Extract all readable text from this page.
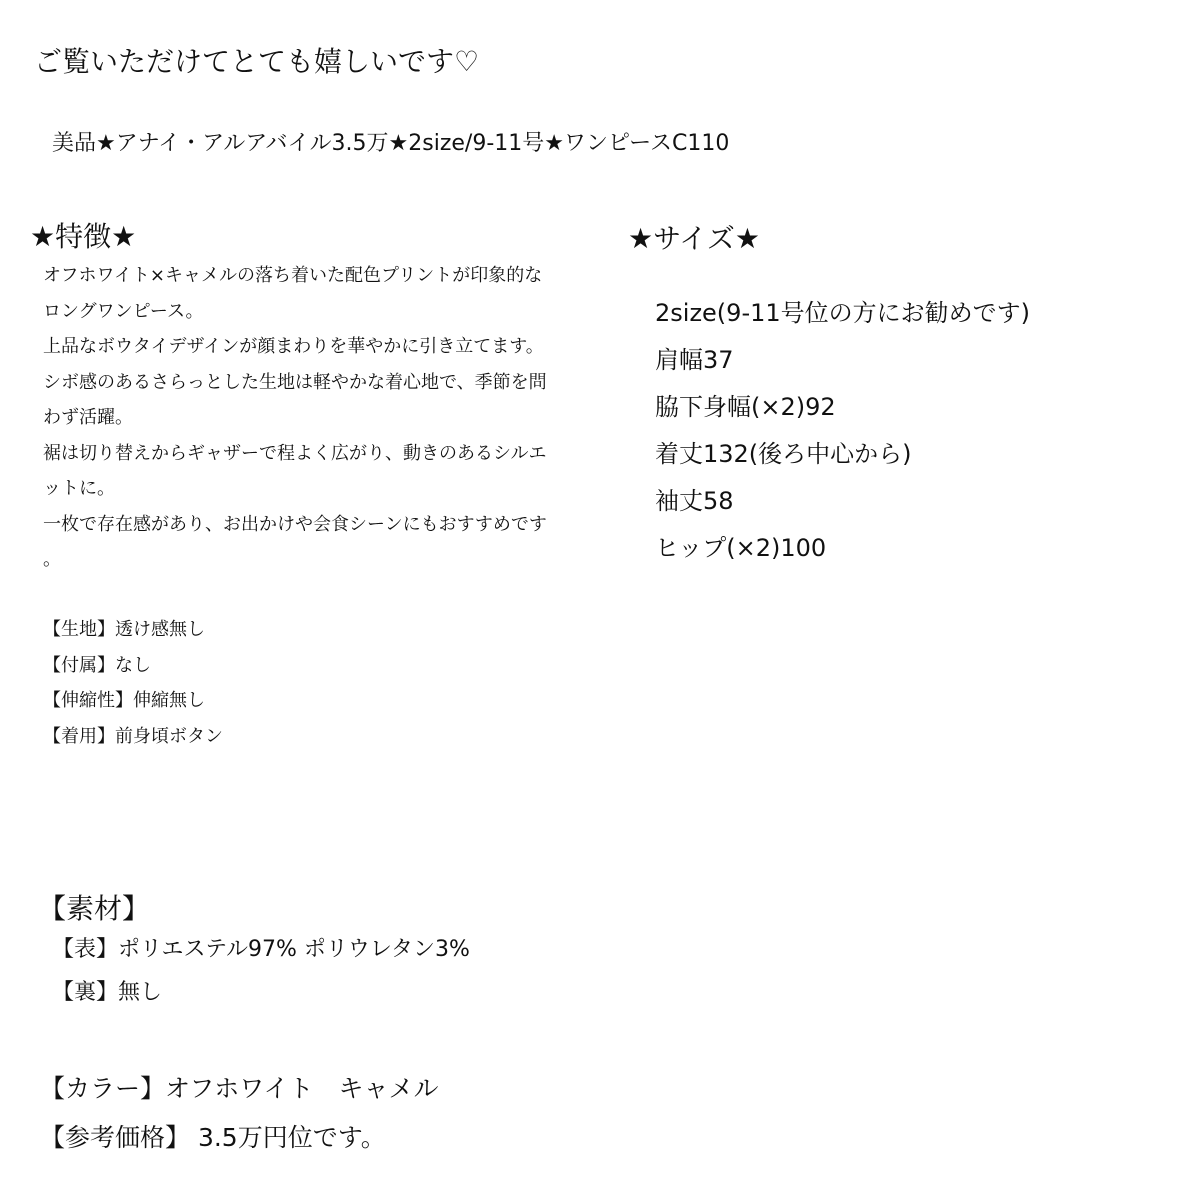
ご覧いただけてとても嬉しいです♡
美品★アナイ・アルアバイル3.5万★2size/9-11号★ワンピースC110
★特徴★

オフホワイト×キャメルの落ち着いた配色プリントが印象的な

ロングワンピース。

上品なボウタイデザインが顔まわりを華やかに引き立てます。

シボ感のあるさらっとした生地は軽やかな着心地で、季節を問

わず活躍。

裾は切り替えからギャザーで程よく広がり、動きのあるシルエ

ットに。

一枚で存在感があり、お出かけや会食シーンにもおすすめです

。

【生地】透け感無し

【付属】なし

【伸縮性】伸縮無し

【着用】前身頃ボタン

★サイズ★

2size(9-11号位の方にお勧めです)

肩幅37

脇下身幅(×2)92

着丈132(後ろ中心から)

袖丈58

ヒップ(×2)100

【素材】

【表】ポリエステル97% ポリウレタン3%

【裏】無し

【カラー】オフホワイト　キャメル
【参考価格】 3.5万円位です。
